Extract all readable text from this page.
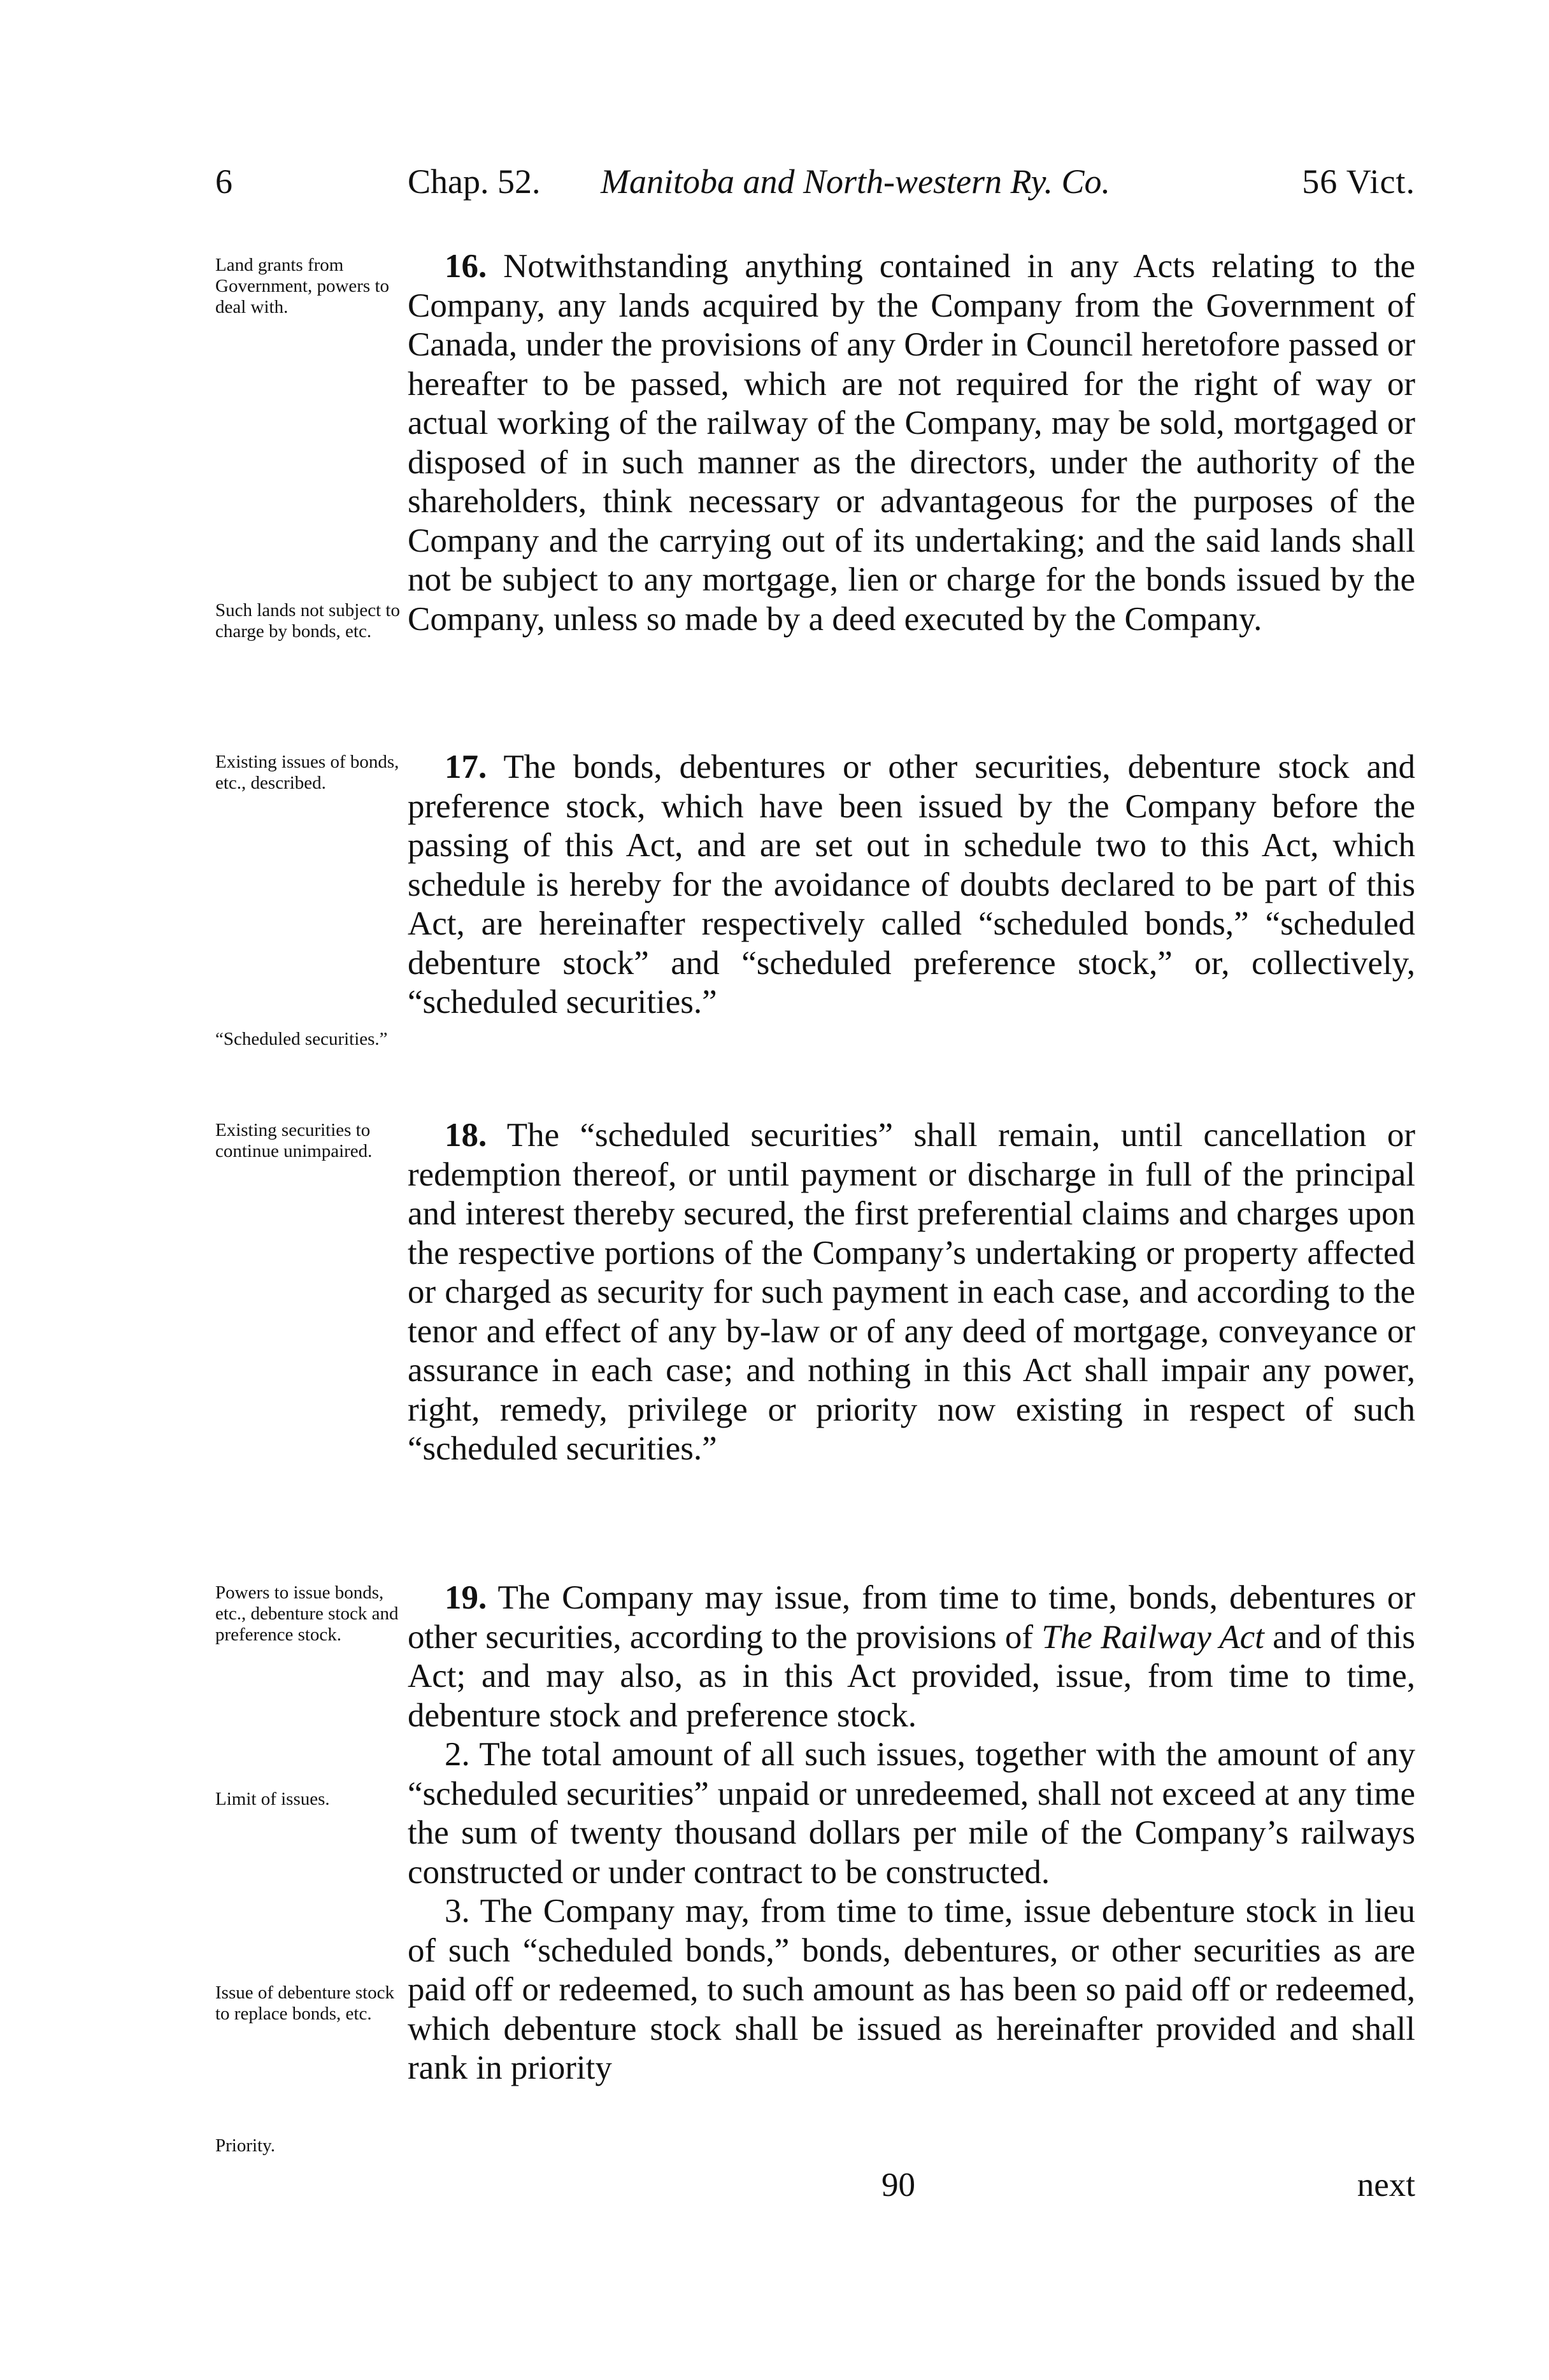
6	Chap. 52. Manitoba and North-western Ry. Co.	56 Vict.
Land grants from Government, powers to deal with.
Such lands not subject to charge by bonds, etc.
Existing issues of bonds, etc., described.
“Scheduled securities.”
Existing securities to continue unimpaired.
Powers to issue bonds, etc., debenture stock and preference stock.
Limit of issues.
Issue of debenture stock to replace bonds, etc.
Priority.

16. Notwithstanding anything contained in any Acts relating to the Company, any lands acquired by the Company from the Government of Canada, under the provisions of any Order in Council heretofore passed or hereafter to be passed, which are not required for the right of way or actual working of the railway of the Company, may be sold, mortgaged or disposed of in such manner as the directors, under the authority of the shareholders, think necessary or advantageous for the purposes of the Company and the carrying out of its undertaking; and the said lands shall not be subject to any mortgage, lien or charge for the bonds issued by the Company, unless so made by a deed executed by the Company.

17. The bonds, debentures or other securities, debenture stock and preference stock, which have been issued by the Company before the passing of this Act, and are set out in schedule two to this Act, which schedule is hereby for the avoidance of doubts declared to be part of this Act, are hereinafter respectively called “scheduled bonds,” “scheduled debenture stock” and “scheduled preference stock,” or, collectively, “scheduled securities.”

18. The “scheduled securities” shall remain, until cancellation or redemption thereof, or until payment or discharge in full of the principal and interest thereby secured, the first preferential claims and charges upon the respective portions of the Company’s undertaking or property affected or charged as security for such payment in each case, and according to the tenor and effect of any by-law or of any deed of mortgage, conveyance or assurance in each case; and nothing in this Act shall impair any power, right, remedy, privilege or priority now existing in respect of such “scheduled securities.”

19. The Company may issue, from time to time, bonds, debentures or other securities, according to the provisions of The Railway Act and of this Act; and may also, as in this Act provided, issue, from time to time, debenture stock and preference stock.

2. The total amount of all such issues, together with the amount of any “scheduled securities” unpaid or unredeemed, shall not exceed at any time the sum of twenty thousand dollars per mile of the Company’s railways constructed or under contract to be constructed.

3. The Company may, from time to time, issue debenture stock in lieu of such “scheduled bonds,” bonds, debentures, or other securities as are paid off or redeemed, to such amount as has been so paid off or redeemed, which debenture stock shall be issued as hereinafter provided and shall rank in priority

90	next
